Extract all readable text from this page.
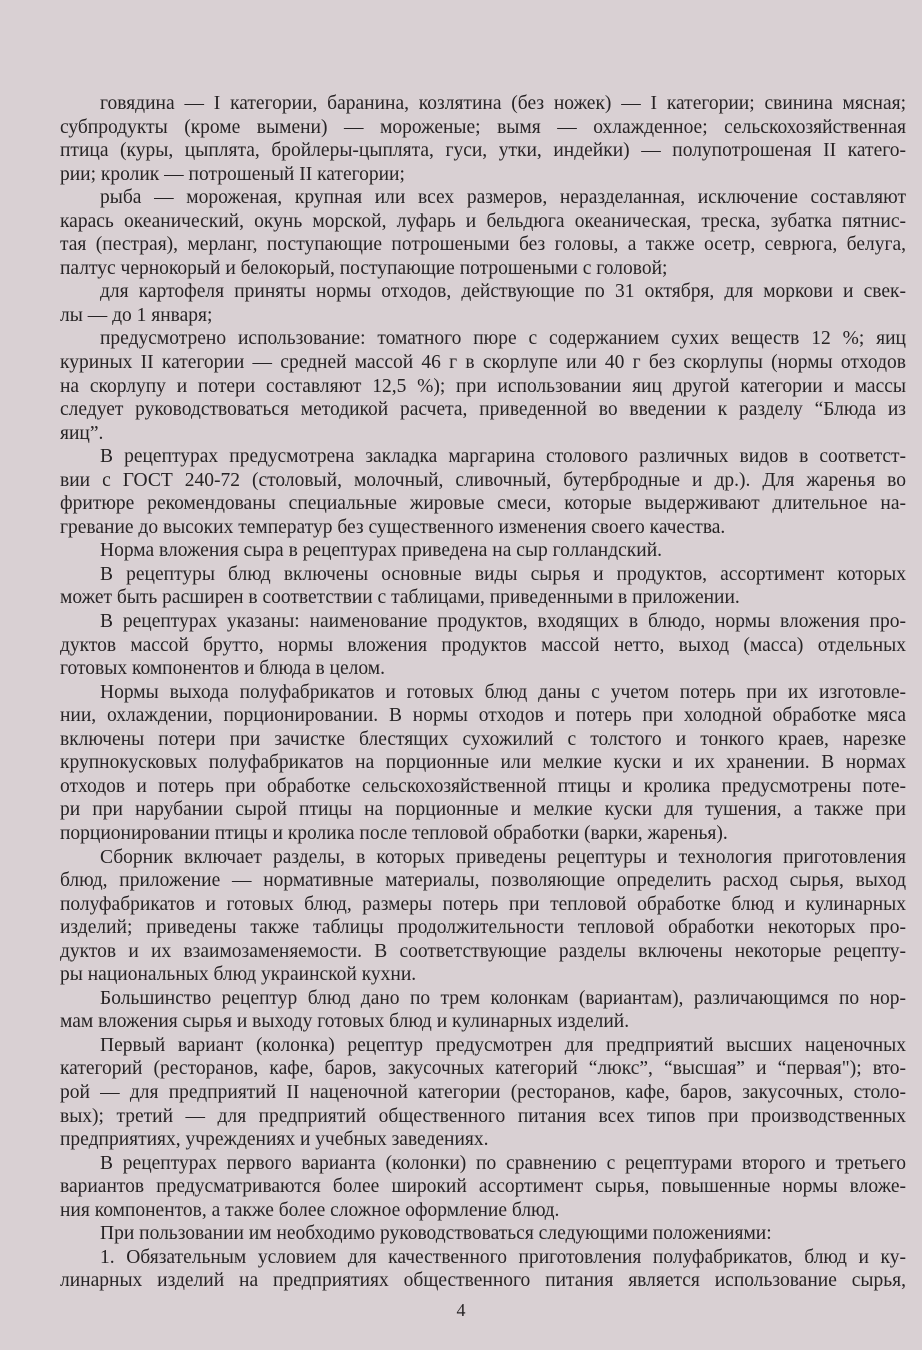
говядина — I категории, баранина, козлятина (без ножек) — I категории; свинина мясная;
субпродукты (кроме вымени) — мороженые; вымя — охлажденное; сельскохозяйственная
птица (куры, цыплята, бройлеры-цыплята, гуси, утки, индейки) — полупотрошеная II катего-
рии; кролик — потрошеный II категории;
рыба — мороженая, крупная или всех размеров, неразделанная, исключение составляют
карась океанический, окунь морской, луфарь и бельдюга океаническая, треска, зубатка пятнис-
тая (пестрая), мерланг, поступающие потрошеными без головы, а также осетр, севрюга, белуга,
палтус чернокорый и белокорый, поступающие потрошеными с головой;
для картофеля приняты нормы отходов, действующие по 31 октября, для моркови и свек-
лы — до 1 января;
предусмотрено использование: томатного пюре с содержанием сухих веществ 12 %; яиц
куриных II категории — средней массой 46 г в скорлупе или 40 г без скорлупы (нормы отходов
на скорлупу и потери составляют 12,5 %); при использовании яиц другой категории и массы
следует руководствоваться методикой расчета, приведенной во введении к разделу “Блюда из
яиц”.
В рецептурах предусмотрена закладка маргарина столового различных видов в соответст-
вии с ГОСТ 240-72 (столовый, молочный, сливочный, бутербродные и др.). Для жаренья во
фритюре рекомендованы специальные жировые смеси, которые выдерживают длительное на-
гревание до высоких температур без существенного изменения своего качества.
Норма вложения сыра в рецептурах приведена на сыр голландский.
В рецептуры блюд включены основные виды сырья и продуктов, ассортимент которых
может быть расширен в соответствии с таблицами, приведенными в приложении.
В рецептурах указаны: наименование продуктов, входящих в блюдо, нормы вложения про-
дуктов массой брутто, нормы вложения продуктов массой нетто, выход (масса) отдельных
готовых компонентов и блюда в целом.
Нормы выхода полуфабрикатов и готовых блюд даны с учетом потерь при их изготовле-
нии, охлаждении, порционировании. В нормы отходов и потерь при холодной обработке мяса
включены потери при зачистке блестящих сухожилий с толстого и тонкого краев, нарезке
крупнокусковых полуфабрикатов на порционные или мелкие куски и их хранении. В нормах
отходов и потерь при обработке сельскохозяйственной птицы и кролика предусмотрены поте-
ри при нарубании сырой птицы на порционные и мелкие куски для тушения, а также при
порционировании птицы и кролика после тепловой обработки (варки, жаренья).
Сборник включает разделы, в которых приведены рецептуры и технология приготовления
блюд, приложение — нормативные материалы, позволяющие определить расход сырья, выход
полуфабрикатов и готовых блюд, размеры потерь при тепловой обработке блюд и кулинарных
изделий; приведены также таблицы продолжительности тепловой обработки некоторых про-
дуктов и их взаимозаменяемости. В соответствующие разделы включены некоторые рецепту-
ры национальных блюд украинской кухни.
Большинство рецептур блюд дано по трем колонкам (вариантам), различающимся по нор-
мам вложения сырья и выходу готовых блюд и кулинарных изделий.
Первый вариант (колонка) рецептур предусмотрен для предприятий высших наценочных
категорий (ресторанов, кафе, баров, закусочных категорий “люкс”, “высшая” и “первая"); вто-
рой — для предприятий II наценочной категории (ресторанов, кафе, баров, закусочных, столо-
вых); третий — для предприятий общественного питания всех типов при производственных
предприятиях, учреждениях и учебных заведениях.
В рецептурах первого варианта (колонки) по сравнению с рецептурами второго и третьего
вариантов предусматриваются более широкий ассортимент сырья, повышенные нормы вложе-
ния компонентов, а также более сложное оформление блюд.
При пользовании им необходимо руководствоваться следующими положениями:
1. Обязательным условием для качественного приготовления полуфабрикатов, блюд и ку-
линарных изделий на предприятиях общественного питания является использование сырья,
4
